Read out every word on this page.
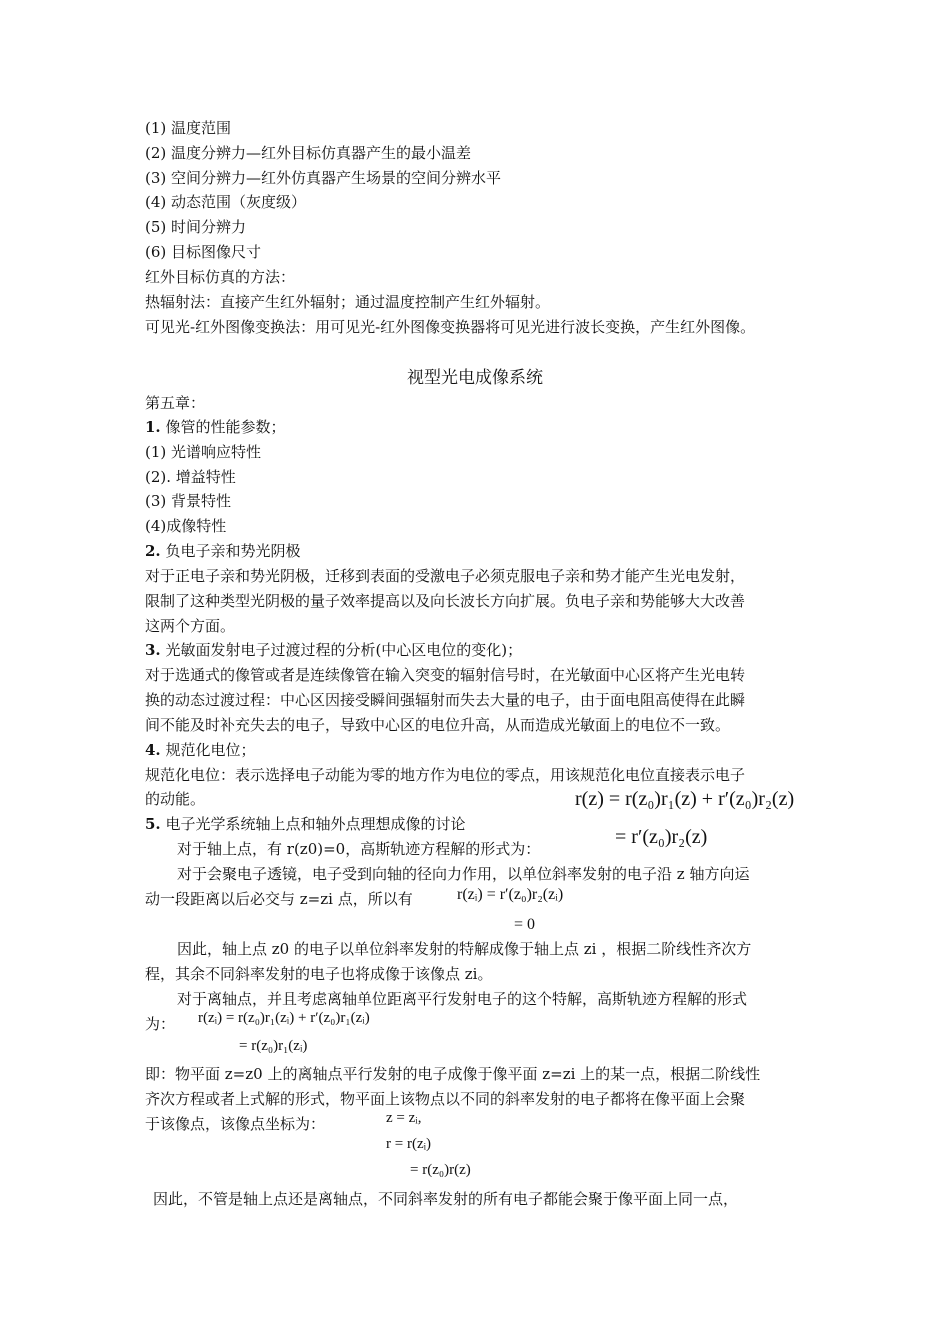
(1) 温度范围
(2) 温度分辨力—红外目标仿真器产生的最小温差
(3) 空间分辨力—红外仿真器产生场景的空间分辨水平
(4) 动态范围（灰度级）
(5) 时间分辨力
(6) 目标图像尺寸
红外目标仿真的方法：
热辐射法：直接产生红外辐射；通过温度控制产生红外辐射。
可见光-红外图像变换法：用可见光-红外图像变换器将可见光进行波长变换，产生红外图像。
视型光电成像系统
第五章：
1. 像管的性能参数；
(1) 光谱响应特性
(2). 增益特性
(3) 背景特性
(4)成像特性
2. 负电子亲和势光阴极
对于正电子亲和势光阴极，迁移到表面的受激电子必须克服电子亲和势才能产生光电发射，
限制了这种类型光阴极的量子效率提高以及向长波长方向扩展。负电子亲和势能够大大改善
这两个方面。
3. 光敏面发射电子过渡过程的分析(中心区电位的变化)；
对于选通式的像管或者是连续像管在输入突变的辐射信号时，在光敏面中心区将产生光电转
换的动态过渡过程：中心区因接受瞬间强辐射而失去大量的电子，由于面电阻高使得在此瞬
间不能及时补充失去的电子，导致中心区的电位升高，从而造成光敏面上的电位不一致。
4. 规范化电位；
规范化电位：表示选择电子动能为零的地方作为电位的零点，用该规范化电位直接表示电子
的动能。
5. 电子光学系统轴上点和轴外点理想成像的讨论
对于轴上点，有 r(z0)=0，高斯轨迹方程解的形式为：
对于会聚电子透镜，电子受到向轴的径向力作用，以单位斜率发射的电子沿 z 轴方向运
动一段距离以后必交与 z=zi 点，所以有
因此，轴上点 z0 的电子以单位斜率发射的特解成像于轴上点 zi ，根据二阶线性齐次方
程，其余不同斜率发射的电子也将成像于该像点 zi。
对于离轴点，并且考虑离轴单位距离平行发射电子的这个特解，高斯轨迹方程解的形式
为：
即：物平面 z=z0 上的离轴点平行发射的电子成像于像平面 z=zi 上的某一点，根据二阶线性
齐次方程或者上式解的形式，物平面上该物点以不同的斜率发射的电子都将在像平面上会聚
于该像点，该像点坐标为：
因此，不管是轴上点还是离轴点，不同斜率发射的所有电子都能会聚于像平面上同一点，
r(z) = r(z₀)r₁(z) + r′(z₀)r₂(z)
= r′(z₀)r₂(z)
r(zᵢ) = r′(z₀)r₂(zᵢ)
= 0
r(zᵢ) = r(z₀)r₁(zᵢ) + r′(z₀)r₁(zᵢ)
= r(z₀)r₁(zᵢ)
z = zᵢ,
r = r(zᵢ)
= r(z₀)r(z)
